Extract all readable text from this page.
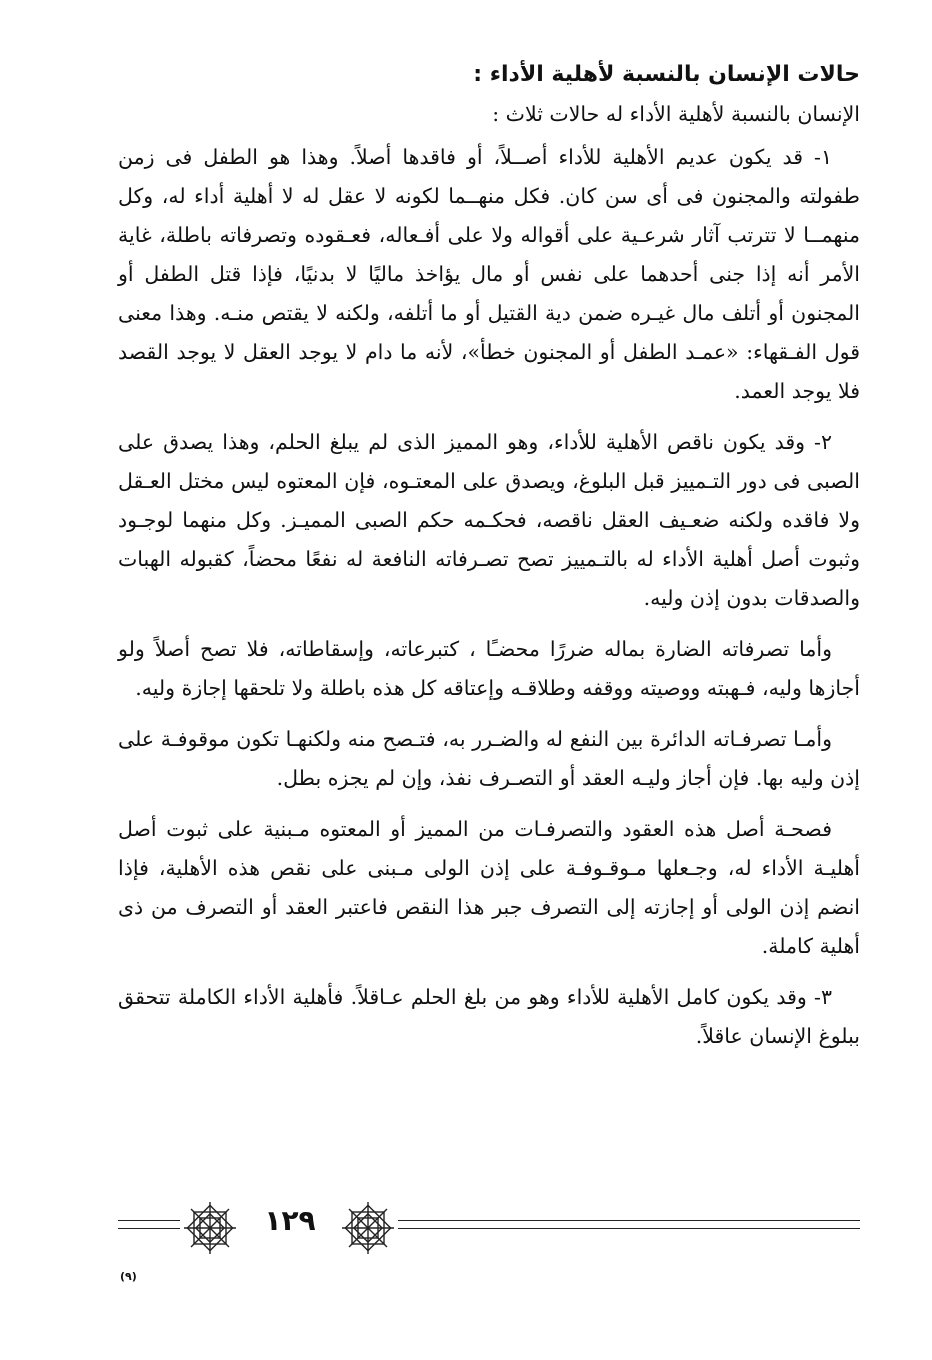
حالات الإنسان بالنسبة لأهلية الأداء :
الإنسان بالنسبة لأهلية الأداء له حالات ثلاث :

١- قد يكون عديم الأهلية للأداء أصــلاً، أو فاقدها أصلاً. وهذا هو الطفل فى زمن طفولته والمجنون فى أى سن كان. فكل منهــما لكونه لا عقل له لا أهلية أداء له، وكل منهمــا لا تترتب آثار شرعـية على أقواله ولا على أفـعاله، فعـقوده وتصرفاته باطلة، غاية الأمر أنه إذا جنى أحدهما على نفس أو مال يؤاخذ ماليًا لا بدنيًا، فإذا قتل الطفل أو المجنون أو أتلف مال غيـره ضمن دية القتيل أو ما أتلفه، ولكنه لا يقتص منـه. وهذا معنى قول الفـقهاء: «عمـد الطفل أو المجنون خطأ»، لأنه ما دام لا يوجد العقل لا يوجد القصد فلا يوجد العمد.

٢- وقد يكون ناقص الأهلية للأداء، وهو المميز الذى لم يبلغ الحلم، وهذا يصدق على الصبى فى دور التـمييز قبل البلوغ، ويصدق على المعتـوه، فإن المعتوه ليس مختل العـقل ولا فاقده ولكنه ضعـيف العقل ناقصه، فحكـمه حكم الصبى المميـز. وكل منهما لوجـود وثبوت أصل أهلية الأداء له بالتـمييز تصح تصـرفاته النافعة له نفعًا محضاً، كقبوله الهبات والصدقات بدون إذن وليه.

وأما تصرفاته الضارة بماله ضررًا محضـًا ، كتبرعاته، وإسقاطاته، فلا تصح أصلاً ولو أجازها وليه، فـهبته ووصيته ووقفه وطلاقـه وإعتاقه كل هذه باطلة ولا تلحقها إجازة وليه.

وأمـا تصرفـاته الدائرة بين النفع له والضـرر به، فتـصح منه ولكنهـا تكون موقوفـة على إذن وليه بها. فإن أجاز وليـه العقد أو التصـرف نفذ، وإن لم يجزه بطل.

فصحـة أصل هذه العقود والتصرفـات من المميز أو المعتوه مـبنية على ثبوت أصل أهليـة الأداء له، وجـعلها مـوقـوفـة على إذن الولى مـبنى على نقص هذه الأهلية، فإذا انضم إذن الولى أو إجازته إلى التصرف جبر هذا النقص فاعتبر العقد أو التصرف من ذى أهلية كاملة.

٣- وقد يكون كامل الأهلية للأداء وهو من بلغ الحلم عـاقلاً. فأهلية الأداء الكاملة تتحقق ببلوغ الإنسان عاقلاً.

١٢٩
(٩)
